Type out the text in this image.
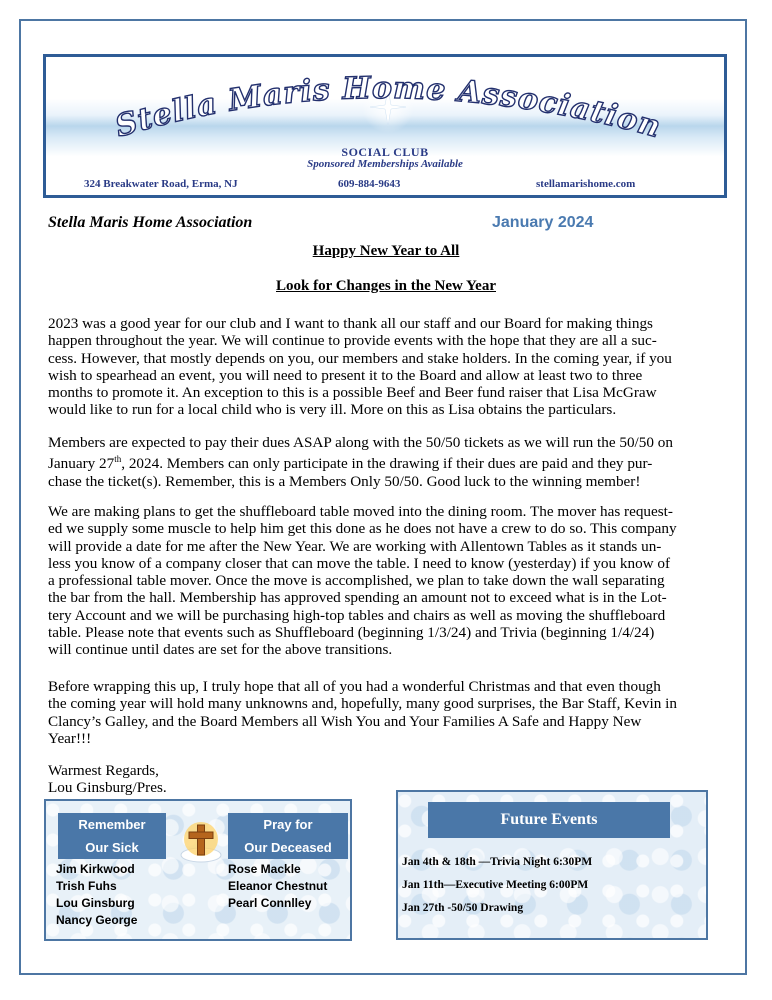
Stella Maris Home Association
SOCIAL CLUB
Sponsored Memberships Available
324 Breakwater Road, Erma, NJ	609-884-9643	stellamarishome.com
Stella Maris Home Association	January 2024
Happy New Year to All
Look for Changes in the New Year
2023 was a good year for our club and I want to thank all our staff and our Board for making things
happen throughout the year. We will continue to provide events with the hope that they are all a suc-
cess. However, that mostly depends on you, our members and stake holders. In the coming year, if you
wish to spearhead an event, you will need to present it to the Board and allow at least two to three
months to promote it. An exception to this is a possible Beef and Beer fund raiser that Lisa McGraw
would like to run for a local child who is very ill. More on this as Lisa obtains the particulars.
Members are expected to pay their dues ASAP along with the 50/50 tickets as we will run the 50/50 on
January 27th, 2024. Members can only participate in the drawing if their dues are paid and they pur-
chase the ticket(s). Remember, this is a Members Only 50/50. Good luck to the winning member!
We are making plans to get the shuffleboard table moved into the dining room. The mover has request-
ed we supply some muscle to help him get this done as he does not have a crew to do so. This company
will provide a date for me after the New Year. We are working with Allentown Tables as it stands un-
less you know of a company closer that can move the table. I need to know (yesterday) if you know of
a professional table mover. Once the move is accomplished, we plan to take down the wall separating
the bar from the hall. Membership has approved spending an amount not to exceed what is in the Lot-
tery Account and we will be purchasing high-top tables and chairs as well as moving the shuffleboard
table. Please note that events such as Shuffleboard (beginning 1/3/24) and Trivia (beginning 1/4/24)
will continue until dates are set for the above transitions.
Before wrapping this up, I truly hope that all of you had a wonderful Christmas and that even though
the coming year will hold many unknowns and, hopefully, many good surprises, the Bar Staff, Kevin in
Clancy’s Galley, and the Board Members all Wish You and Your Families A Safe and Happy New
Year!!!
Warmest Regards,
Lou Ginsburg/Pres.
Remember
Our Sick
Pray for
Our Deceased
Jim Kirkwood
Trish Fuhs
Lou Ginsburg
Nancy George
Rose Mackle
Eleanor Chestnut
Pearl Connlley
Future Events
Jan 4th & 18th —Trivia Night 6:30PM
Jan 11th—Executive Meeting 6:00PM
Jan 27th -50/50 Drawing
